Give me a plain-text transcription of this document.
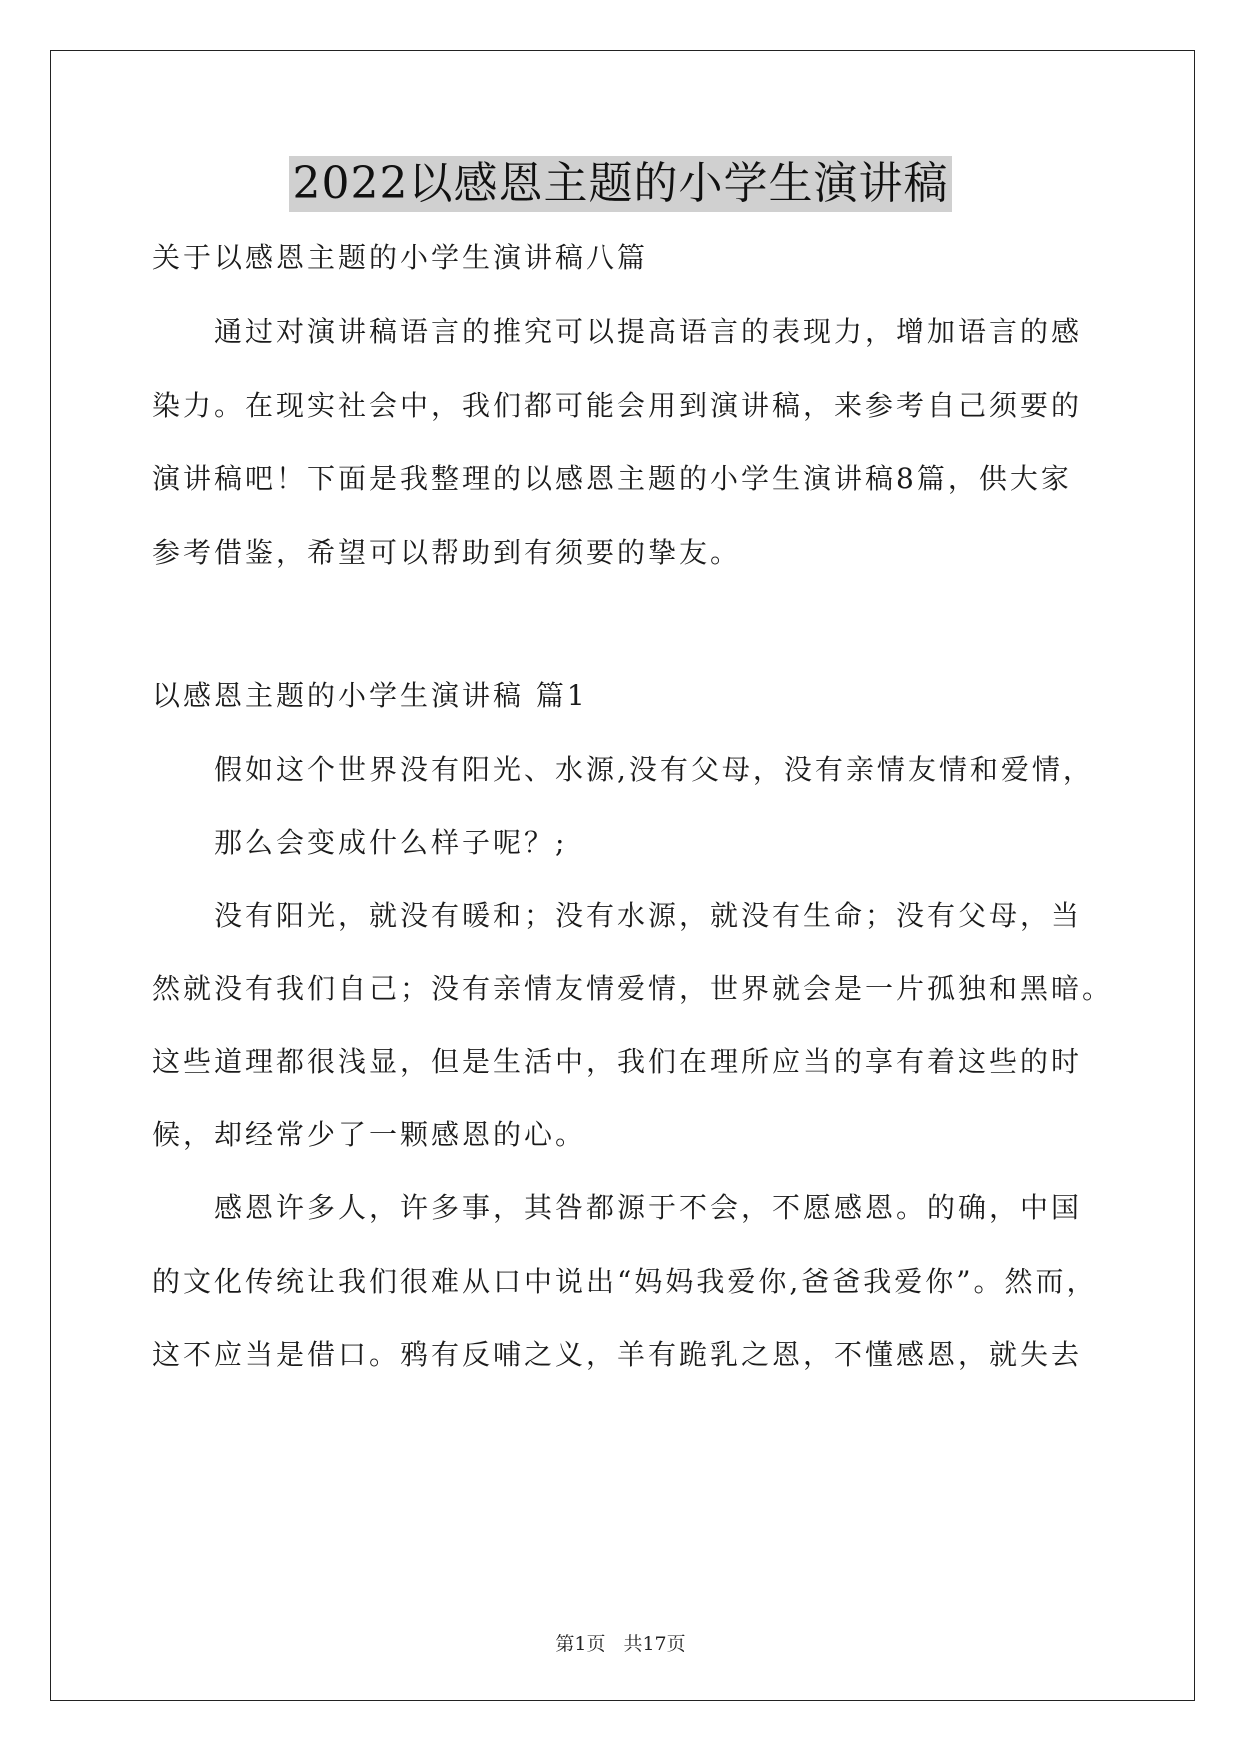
2022以感恩主题的小学生演讲稿
关于以感恩主题的小学生演讲稿八篇
通过对演讲稿语言的推究可以提高语言的表现力，增加语言的感
染力。在现实社会中，我们都可能会用到演讲稿，来参考自己须要的
演讲稿吧！下面是我整理的以感恩主题的小学生演讲稿8篇，供大家
参考借鉴，希望可以帮助到有须要的挚友。
以感恩主题的小学生演讲稿 篇1
假如这个世界没有阳光、水源,没有父母，没有亲情友情和爱情，
那么会变成什么样子呢？;
没有阳光，就没有暖和；没有水源，就没有生命；没有父母，当
然就没有我们自己；没有亲情友情爱情，世界就会是一片孤独和黑暗。
这些道理都很浅显，但是生活中，我们在理所应当的享有着这些的时
候，却经常少了一颗感恩的心。
感恩许多人，许多事，其咎都源于不会，不愿感恩。的确，中国
的文化传统让我们很难从口中说出“妈妈我爱你,爸爸我爱你”。然而，
这不应当是借口。鸦有反哺之义，羊有跪乳之恩，不懂感恩，就失去
第1页 共17页
